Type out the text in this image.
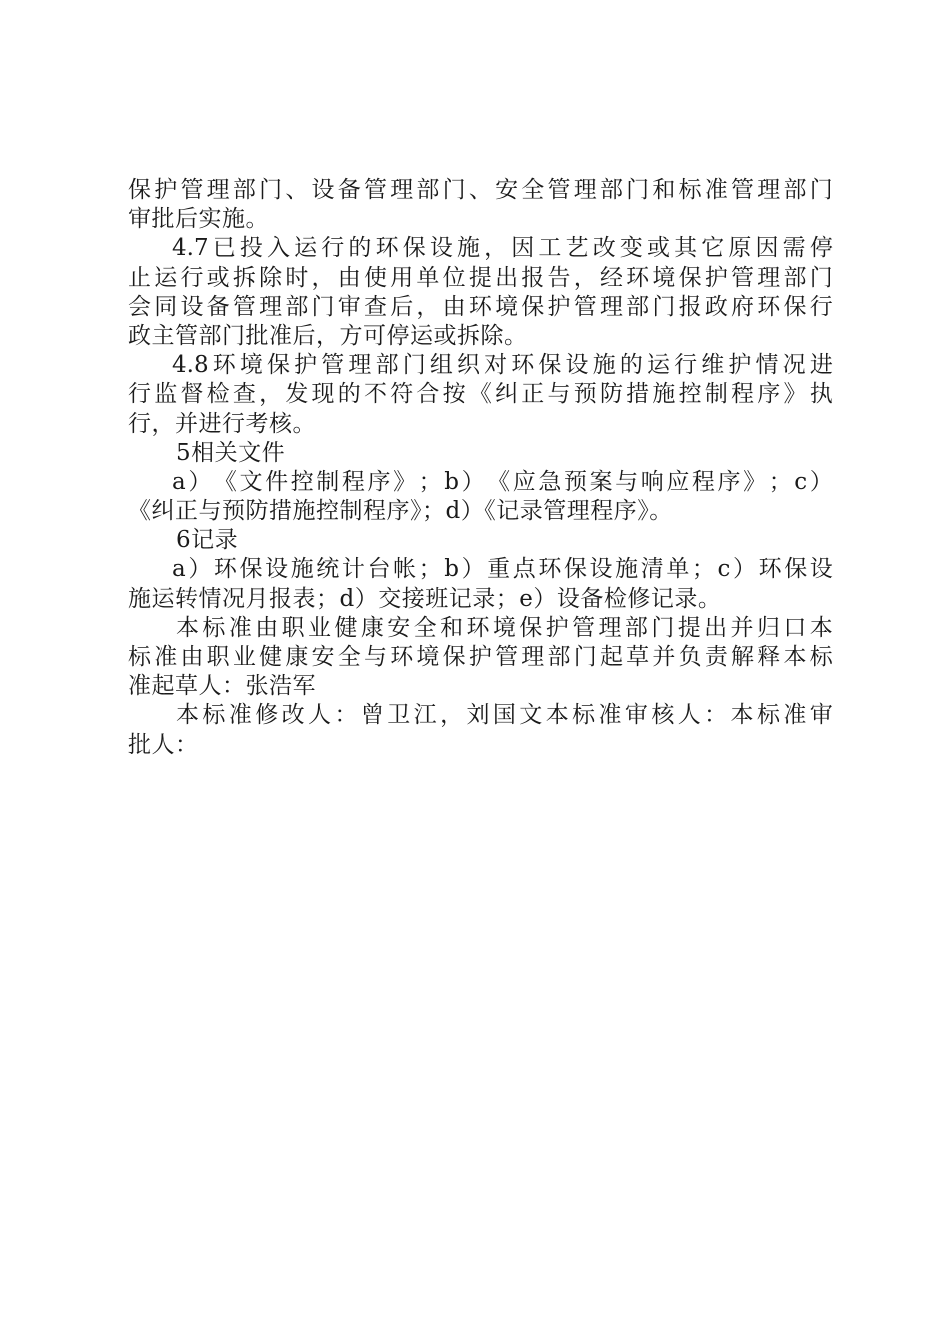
保 护 管 理 部 门 、 设 备 管 理 部 门 、 安 全 管 理 部 门 和 标 准 管 理 部 门
审批后实施。
4.7 已 投 入 运 行 的 环 保 设 施 ， 因 工 艺 改 变 或 其 它 原 因 需 停
止 运 行 或 拆 除 时 ， 由 使 用 单 位 提 出 报 告 ， 经 环 境 保 护 管 理 部 门
会 同 设 备 管 理 部 门 审 查 后 ， 由 环 境 保 护 管 理 部 门 报 政 府 环 保 行
政主管部门批准后，方可停运或拆除。
4.8 环 境 保 护 管 理 部 门 组 织 对 环 保 设 施 的 运 行 维 护 情 况 进
行 监 督 检 查 ， 发 现 的 不 符 合 按 《 纠 正 与 预 防 措 施 控 制 程 序 》 执
行，并进行考核。
5相关文件
a ） 《 文 件 控 制 程 序 》 ； b ） 《 应 急 预 案 与 响 应 程 序 》 ； c ）
《纠正与预防措施控制程序》；d）《记录管理程序》。
6记录
a ） 环 保 设 施 统 计 台 帐 ； b ） 重 点 环 保 设 施 清 单 ； c ） 环 保 设
施运转情况月报表；d）交接班记录；e）设备检修记录。
本 标 准 由 职 业 健 康 安 全 和 环 境 保 护 管 理 部 门 提 出 并 归 口 本
标 准 由 职 业 健 康 安 全 与 环 境 保 护 管 理 部 门 起 草 并 负 责 解 释 本 标
准起草人：张浩军
本 标 准 修 改 人 ： 曾 卫 江 ， 刘 国 文 本 标 准 审 核 人 ： 本 标 准 审
批人：
